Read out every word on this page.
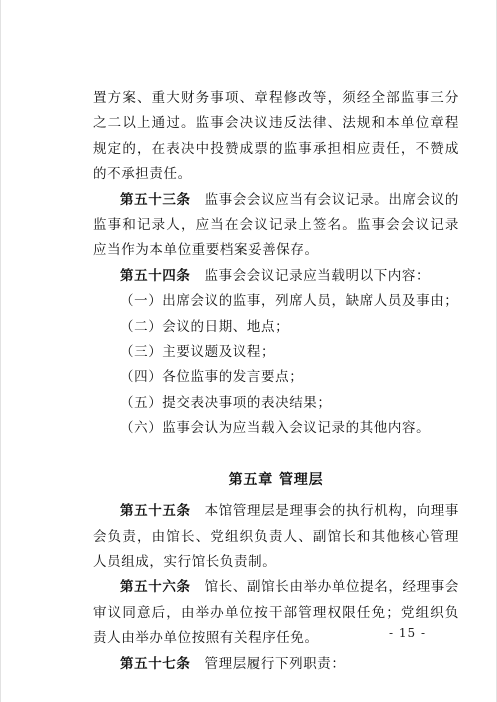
置方案、重大财务事项、章程修改等，须经全部监事三分之二以上通过。监事会决议违反法律、法规和本单位章程规定的，在表决中投赞成票的监事承担相应责任，不赞成的不承担责任。

第五十三条 监事会会议应当有会议记录。出席会议的监事和记录人，应当在会议记录上签名。监事会会议记录应当作为本单位重要档案妥善保存。

第五十四条 监事会会议记录应当载明以下内容：

（一）出席会议的监事，列席人员，缺席人员及事由；

（二）会议的日期、地点；

（三）主要议题及议程；

（四）各位监事的发言要点；

（五）提交表决事项的表决结果；

（六）监事会认为应当载入会议记录的其他内容。

第五章 管理层

第五十五条 本馆管理层是理事会的执行机构，向理事会负责，由馆长、党组织负责人、副馆长和其他核心管理人员组成，实行馆长负责制。

第五十六条 馆长、副馆长由举办单位提名，经理事会审议同意后，由举办单位按干部管理权限任免；党组织负责人由举办单位按照有关程序任免。

第五十七条 管理层履行下列职责：

- 15 -
